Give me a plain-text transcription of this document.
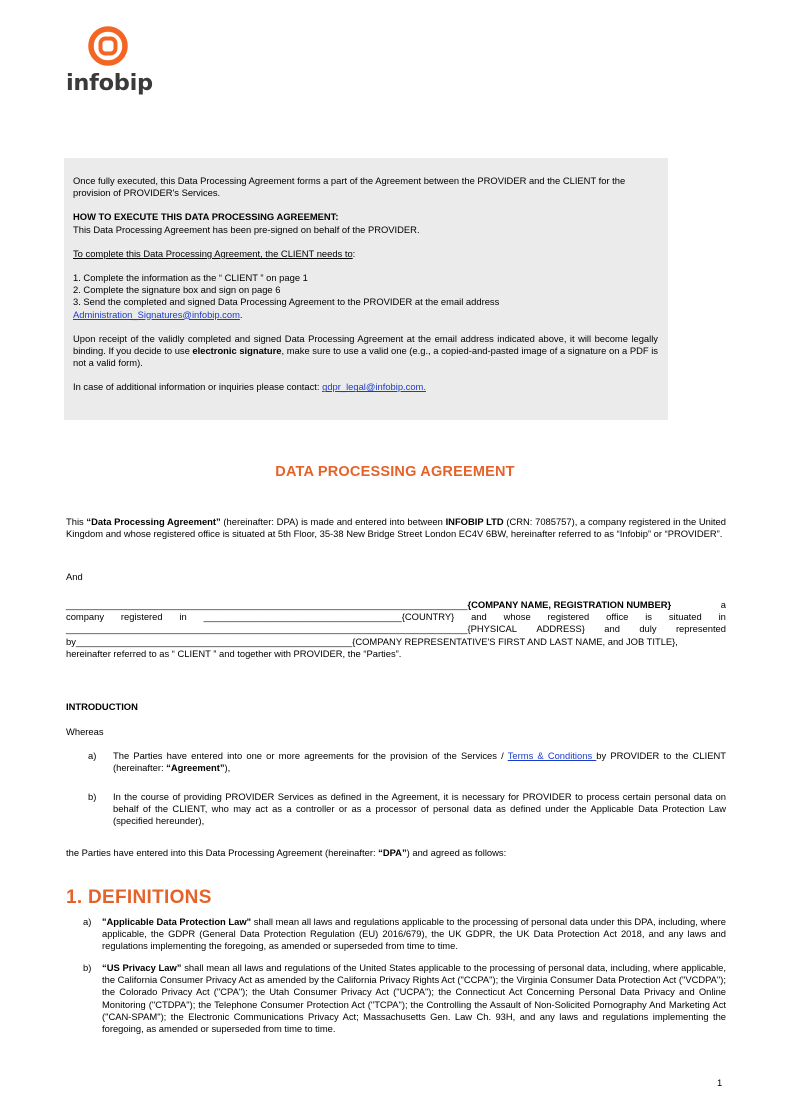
infobip

Once fully executed, this Data Processing Agreement forms a part of the Agreement between the PROVIDER and the CLIENT for the provision of PROVIDER's Services.

HOW TO EXECUTE THIS DATA PROCESSING AGREEMENT:

This Data Processing Agreement has been pre-signed on behalf of the PROVIDER.

To complete this Data Processing Agreement, the CLIENT needs to:

1. Complete the information as the “ CLIENT ” on page 1

2. Complete the signature box and sign on page 6

3. Send the completed and signed Data Processing Agreement to the PROVIDER at the email address

Administration_Signatures@infobip.com.

Upon receipt of the validly completed and signed Data Processing Agreement at the email address indicated above, it will become legally binding. If you decide to use electronic signature, make sure to use a valid one (e.g., a copied-and-pasted image of a signature on a PDF is not a valid form).

In case of additional information or inquiries please contact: gdpr_legal@infobip.com.

DATA PROCESSING AGREEMENT
This “Data Processing Agreement” (hereinafter: DPA) is made and entered into between INFOBIP LTD (CRN: 7085757), a company registered in the United Kingdom and whose registered office is situated at 5th Floor, 35-38 New Bridge Street London EC4V 6BW, hereinafter referred to as “Infobip” or “PROVIDER”.
And
_____________________________________________________________________________{COMPANY NAME, REGISTRATION NUMBER}	a
company registered in ______________________________________{COUNTRY} and whose registered office is situated in
_____________________________________________________________________________{PHYSICAL ADDRESS} and duly represented
by_____________________________________________________{COMPANY REPRESENTATIVE'S FIRST AND LAST NAME, and JOB TITLE},
hereinafter referred to as “ CLIENT ” and together with PROVIDER, the “Parties”.
INTRODUCTION
Whereas
a)	The Parties have entered into one or more agreements for the provision of the Services / Terms & Conditions by PROVIDER to the CLIENT (hereinafter: “Agreement”),
b)	In the course of providing PROVIDER Services as defined in the Agreement, it is necessary for PROVIDER to process certain personal data on behalf of the CLIENT, who may act as a controller or as a processor of personal data as defined under the Applicable Data Protection Law (specified hereunder),
the Parties have entered into this Data Processing Agreement (hereinafter: “DPA”) and agreed as follows:
1. DEFINITIONS
a)	"Applicable Data Protection Law" shall mean all laws and regulations applicable to the processing of personal data under this DPA, including, where applicable, the GDPR (General Data Protection Regulation (EU) 2016/679), the UK GDPR, the UK Data Protection Act 2018, and any laws and regulations implementing the foregoing, as amended or superseded from time to time.
b)	“US Privacy Law” shall mean all laws and regulations of the United States applicable to the processing of personal data, including, where applicable, the California Consumer Privacy Act as amended by the California Privacy Rights Act ("CCPA"); the Virginia Consumer Data Protection Act ("VCDPA"); the Colorado Privacy Act ("CPA"); the Utah Consumer Privacy Act ("UCPA"); the Connecticut Act Concerning Personal Data Privacy and Online Monitoring ("CTDPA"); the Telephone Consumer Protection Act ("TCPA"); the Controlling the Assault of Non-Solicited Pornography And Marketing Act ("CAN-SPAM"); the Electronic Communications Privacy Act; Massachusetts Gen. Law Ch. 93H, and any laws and regulations implementing the foregoing, as amended or superseded from time to time.
1
